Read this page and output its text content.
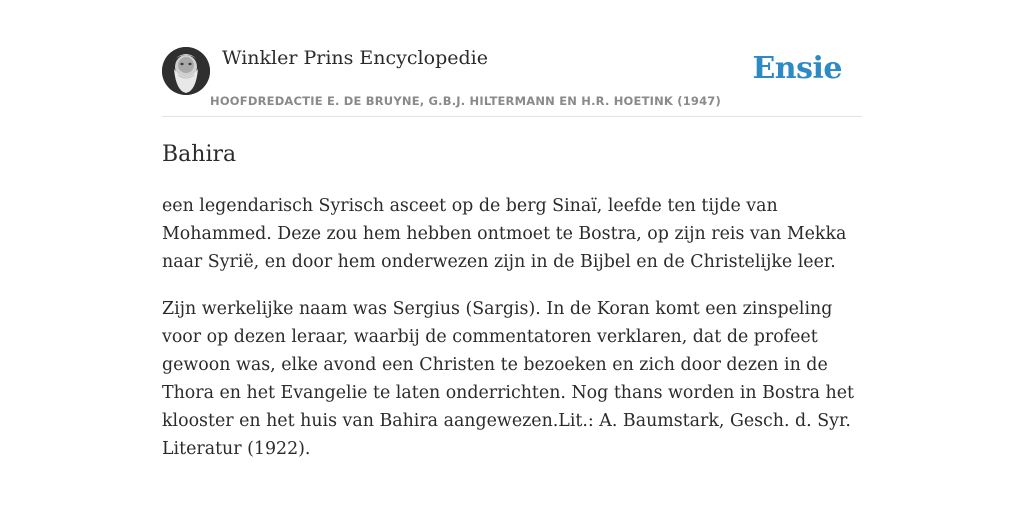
Winkler Prins Encyclopedie
HOOFDREDACTIE E. DE BRUYNE, G.B.J. HILTERMANN EN H.R. HOETINK (1947)
Ensie
Bahira

een legendarisch Syrisch asceet op de berg Sinaï, leefde ten tijde van Mohammed. Deze zou hem hebben ontmoet te Bostra, op zijn reis van Mekka naar Syrië, en door hem onderwezen zijn in de Bijbel en de Christelijke leer.

Zijn werkelijke naam was Sergius (Sargis). In de Koran komt een zinspeling voor op dezen leraar, waarbij de commentatoren verklaren, dat de profeet gewoon was, elke avond een Christen te bezoeken en zich door dezen in de Thora en het Evangelie te laten onderrichten. Nog thans worden in Bostra het klooster en het huis van Bahira aangewezen.Lit.: A. Baumstark, Gesch. d. Syr. Literatur (1922).
